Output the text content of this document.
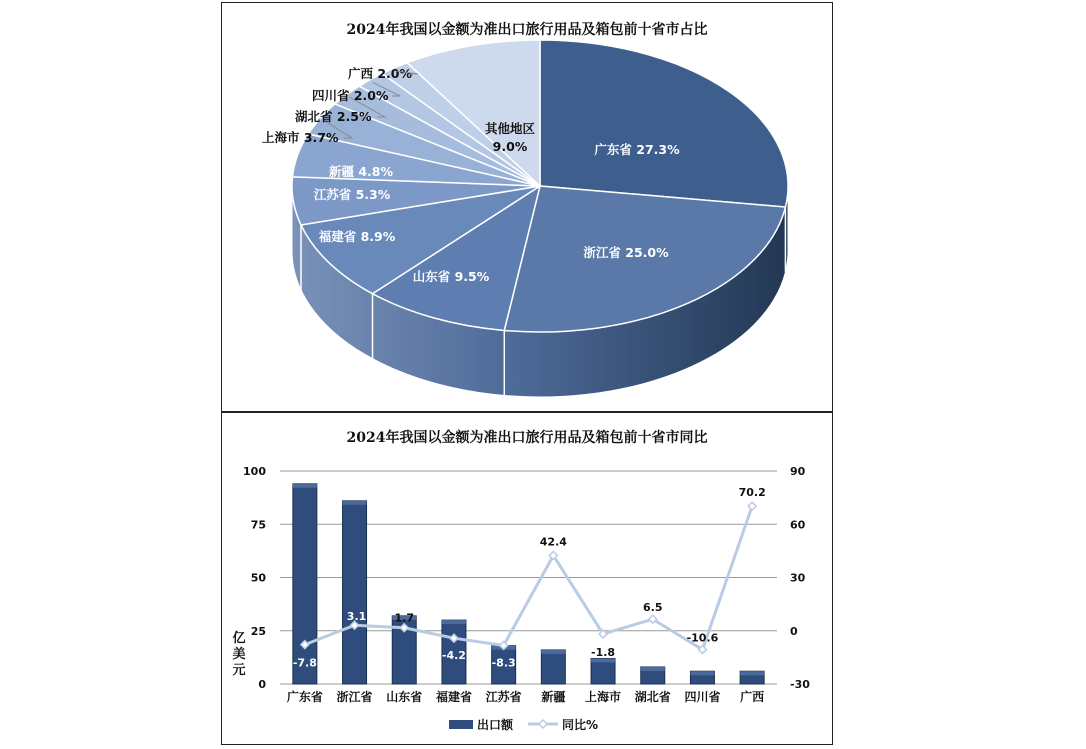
2024年我国以金额为准出口旅行用品及箱包前十省市占比
广东省 27.3%
浙江省 25.0%
山东省 9.5%
福建省 8.9%
江苏省 5.3%
新疆 4.8%
上海市 3.7%
湖北省 2.5%
四川省 2.0%
广西 2.0%
其他地区
9.0%
2024年我国以金额为准出口旅行用品及箱包前十省市同比
-7.8
3.1	1.7
-4.2
-8.3
42.4
-1.8
6.5
-10.6
70.2
0
25
50
75
100
-30
0
30
60
90
亿
美
元
广东省 浙江省 山东省 福建省 江苏省 新疆 上海市 湖北省 四川省 广西
出口额	同比%
